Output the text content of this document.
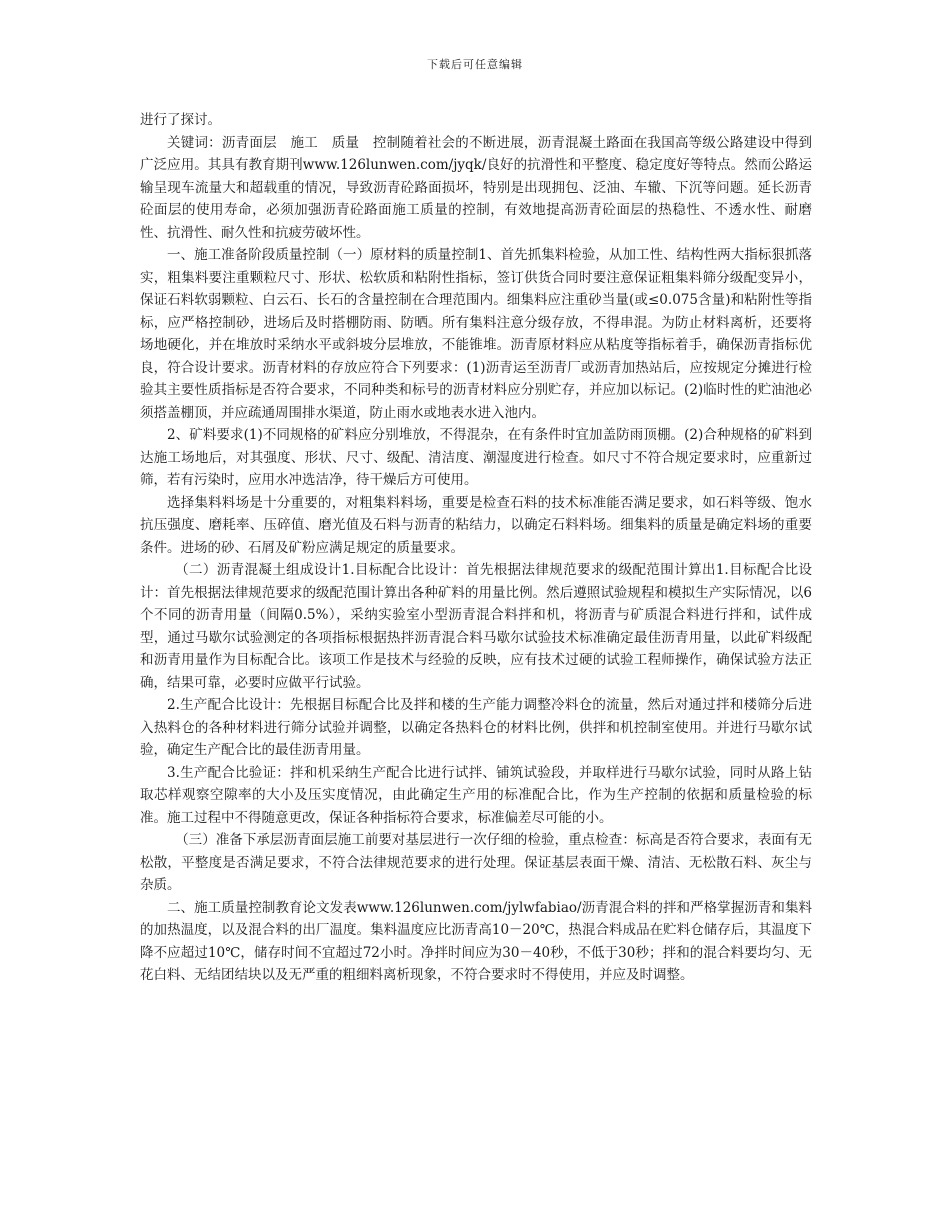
下载后可任意编辑

进行了探讨。

关键词：沥青面层　施工　质量　控制随着社会的不断进展，沥青混凝土路面在我国高等级公路建设中得到广泛应用。其具有教育期刊www.126lunwen.com/jyqk/良好的抗滑性和平整度、稳定度好等特点。然而公路运输呈现车流量大和超载重的情况，导致沥青砼路面损坏，特别是出现拥包、泛油、车辙、下沉等问题。延长沥青砼面层的使用寿命，必须加强沥青砼路面施工质量的控制，有效地提高沥青砼面层的热稳性、不透水性、耐磨性、抗滑性、耐久性和抗疲劳破坏性。

一、施工准备阶段质量控制（一）原材料的质量控制1、首先抓集料检验，从加工性、结构性两大指标狠抓落实，粗集料要注重颗粒尺寸、形状、松软质和粘附性指标，签订供货合同时要注意保证粗集料筛分级配变异小，保证石料软弱颗粒、白云石、长石的含量控制在合理范围内。细集料应注重砂当量(或≤0.075含量)和粘附性等指标，应严格控制砂，进场后及时搭棚防雨、防晒。所有集料注意分级存放，不得串混。为防止材料离析，还要将场地硬化，并在堆放时采纳水平或斜坡分层堆放，不能锥堆。沥青原材料应从粘度等指标着手，确保沥青指标优良，符合设计要求。沥青材料的存放应符合下列要求：(1)沥青运至沥青厂或沥青加热站后，应按规定分摊进行检验其主要性质指标是否符合要求，不同种类和标号的沥青材料应分别贮存，并应加以标记。(2)临时性的贮油池必须搭盖棚顶，并应疏通周围排水渠道，防止雨水或地表水进入池内。

2、矿料要求(1)不同规格的矿料应分别堆放，不得混杂，在有条件时宜加盖防雨顶棚。(2)合种规格的矿料到达施工场地后，对其强度、形状、尺寸、级配、清洁度、潮湿度进行检查。如尺寸不符合规定要求时，应重新过筛，若有污染时，应用水冲选洁净，待干燥后方可使用。

选择集料料场是十分重要的，对粗集料料场，重要是检查石料的技术标准能否满足要求，如石料等级、饱水抗压强度、磨耗率、压碎值、磨光值及石料与沥青的粘结力，以确定石料料场。细集料的质量是确定料场的重要条件。进场的砂、石屑及矿粉应满足规定的质量要求。

（二）沥青混凝土组成设计1.目标配合比设计：首先根据法律规范要求的级配范围计算出1.目标配合比设计：首先根据法律规范要求的级配范围计算出各种矿料的用量比例。然后遵照试验规程和模拟生产实际情况，以6个不同的沥青用量（间隔0.5%），采纳实验室小型沥青混合料拌和机，将沥青与矿质混合料进行拌和，试件成型，通过马歇尔试验测定的各项指标根据热拌沥青混合料马歇尔试验技术标准确定最佳沥青用量，以此矿料级配和沥青用量作为目标配合比。该项工作是技术与经验的反映，应有技术过硬的试验工程师操作，确保试验方法正确，结果可靠，必要时应做平行试验。

2.生产配合比设计：先根据目标配合比及拌和楼的生产能力调整冷料仓的流量，然后对通过拌和楼筛分后进入热料仓的各种材料进行筛分试验并调整，以确定各热料仓的材料比例，供拌和机控制室使用。并进行马歇尔试验，确定生产配合比的最佳沥青用量。

3.生产配合比验证：拌和机采纳生产配合比进行试拌、铺筑试验段，并取样进行马歇尔试验，同时从路上钻取芯样观察空隙率的大小及压实度情况，由此确定生产用的标准配合比，作为生产控制的依据和质量检验的标准。施工过程中不得随意更改，保证各种指标符合要求，标准偏差尽可能的小。

（三）准备下承层沥青面层施工前要对基层进行一次仔细的检验，重点检查：标高是否符合要求，表面有无松散，平整度是否满足要求，不符合法律规范要求的进行处理。保证基层表面干燥、清洁、无松散石料、灰尘与杂质。

二、施工质量控制教育论文发表www.126lunwen.com/jylwfabiao/沥青混合料的拌和严格掌握沥青和集料的加热温度，以及混合料的出厂温度。集料温度应比沥青高10－20℃，热混合料成品在贮料仓储存后，其温度下降不应超过10℃，储存时间不宜超过72小时。净拌时间应为30－40秒，不低于30秒；拌和的混合料要均匀、无花白料、无结团结块以及无严重的粗细料离析现象，不符合要求时不得使用，并应及时调整。
